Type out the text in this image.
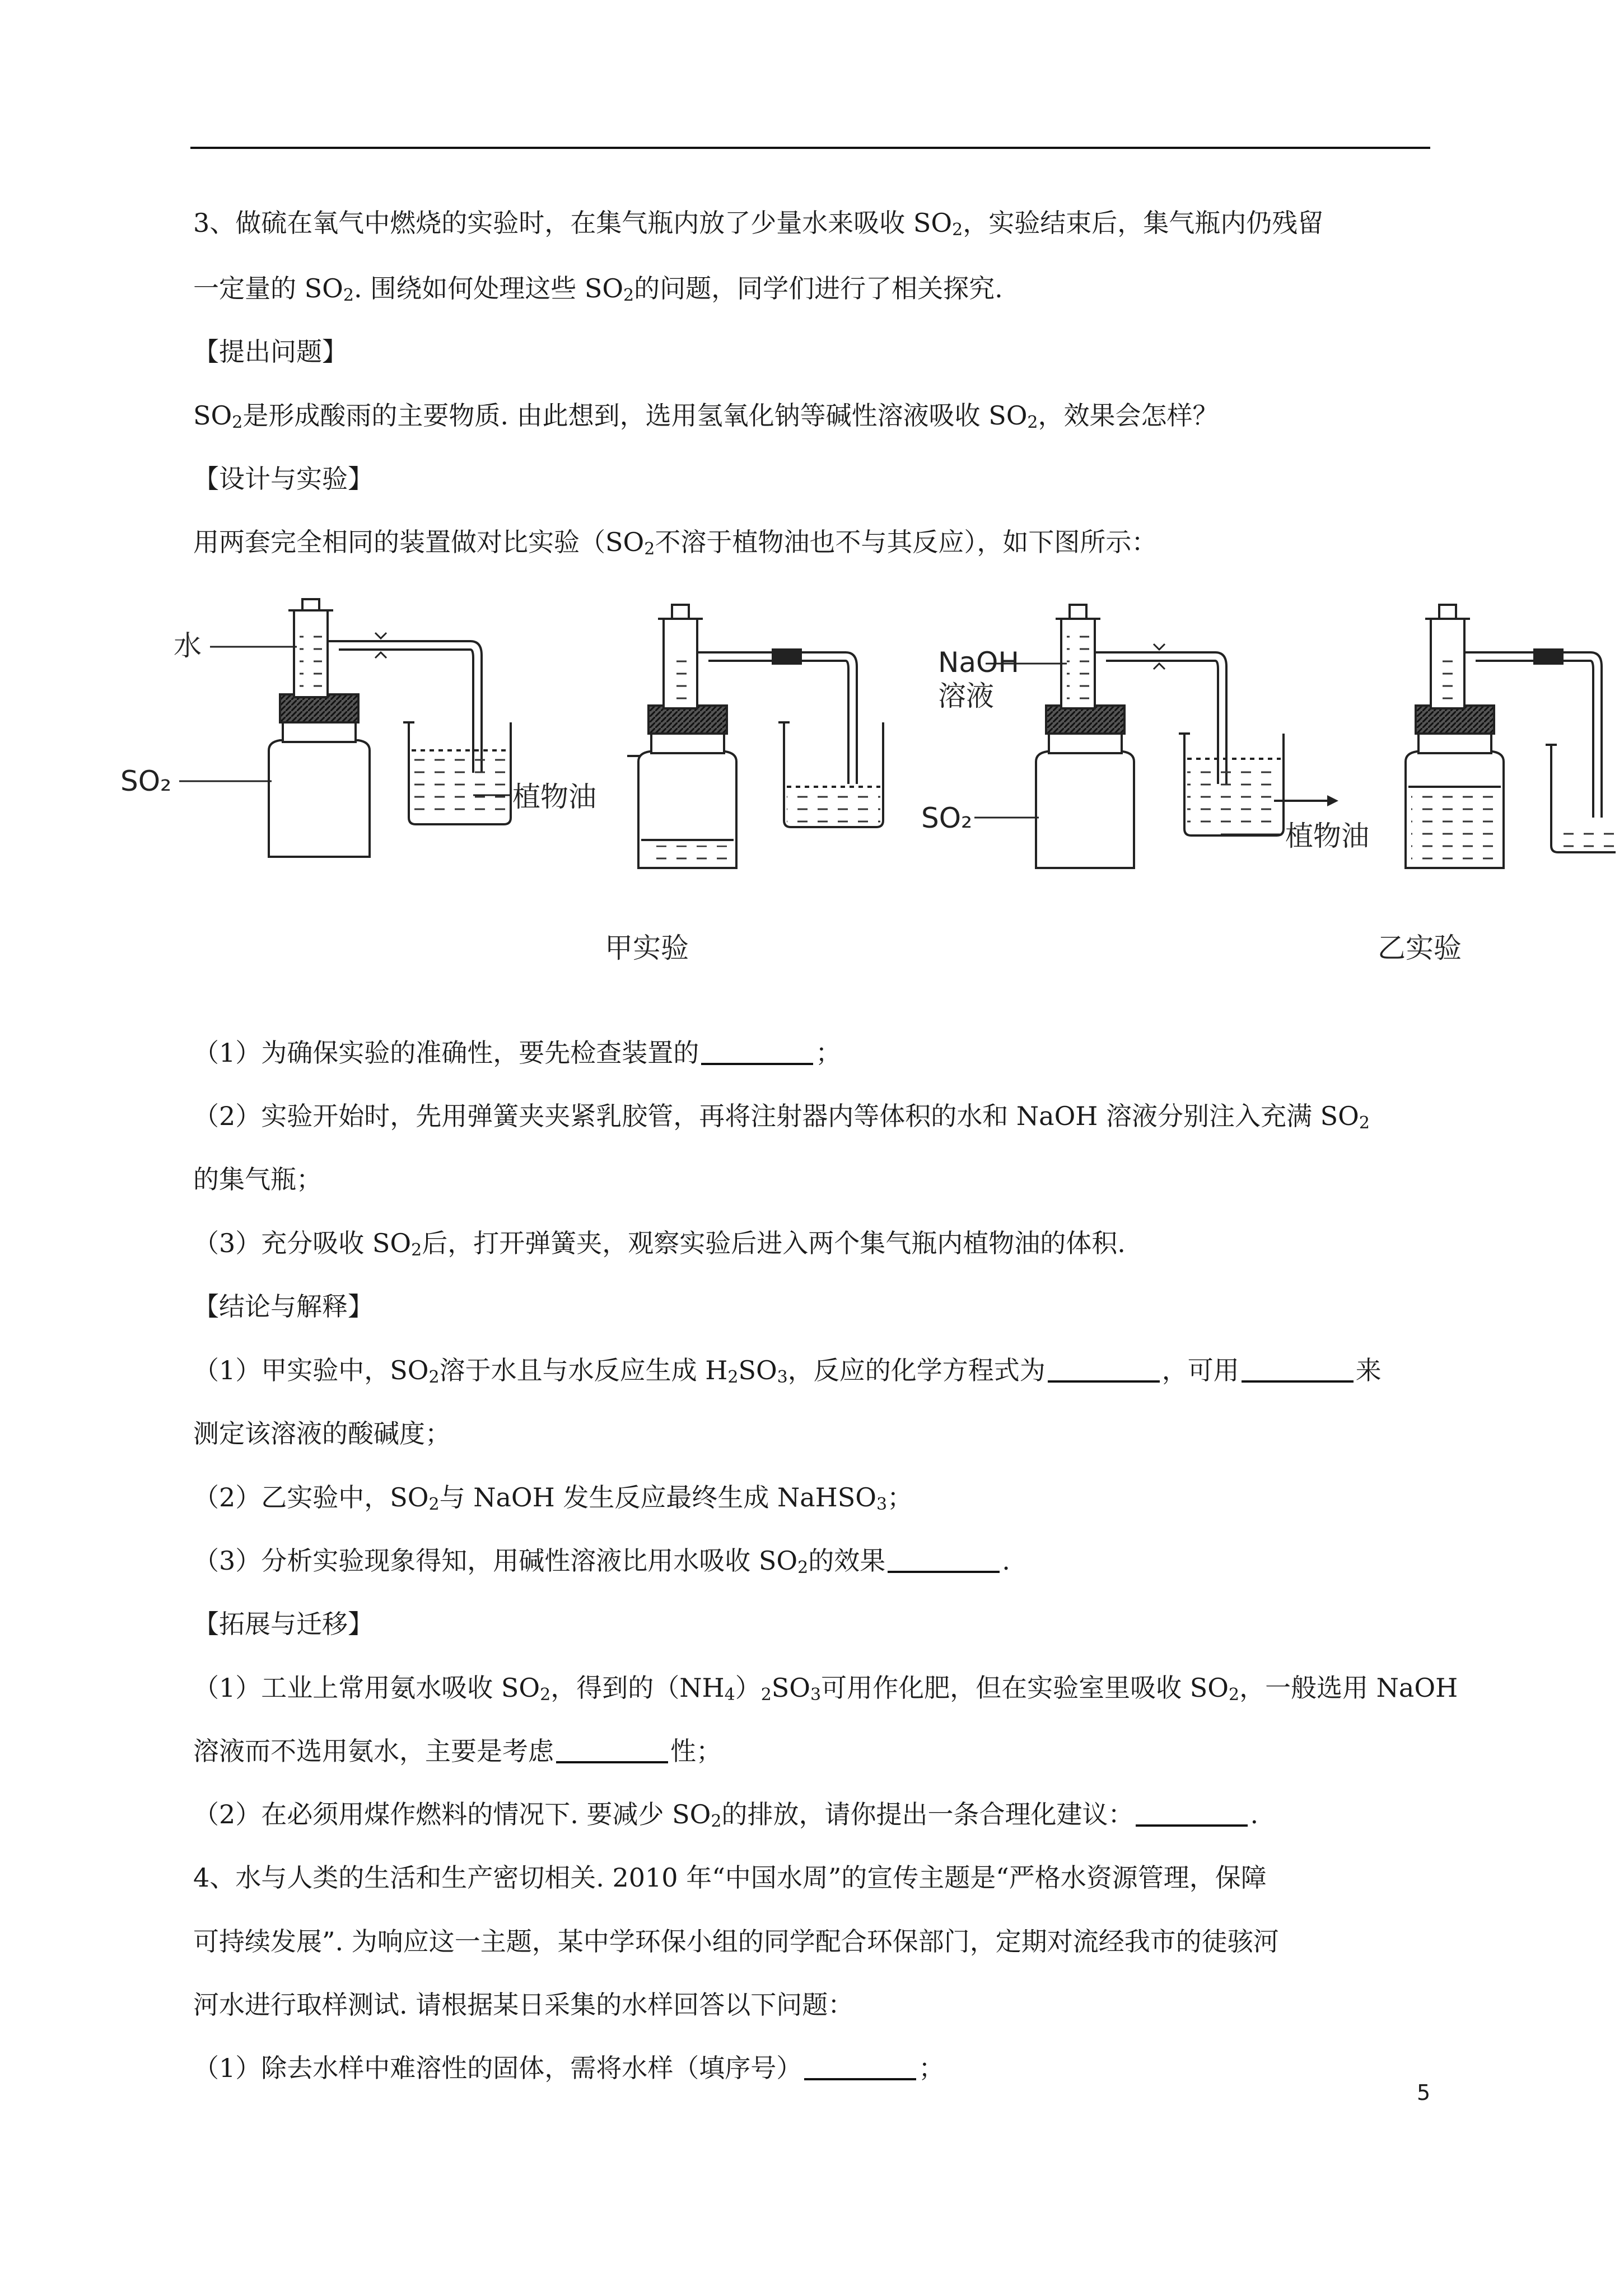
3、做硫在氧气中燃烧的实验时，在集气瓶内放了少量水来吸收 $SO_2$，实验结束后，集气瓶内仍残留
一定量的 $SO_2$. 围绕如何处理这些 $SO_2$的问题，同学们进行了相关探究.
【提出问题】
$SO_2$是形成酸雨的主要物质. 由此想到，选用氢氧化钠等碱性溶液吸收 $SO_2$，效果会怎样？
【设计与实验】
用两套完全相同的装置做对比实验（$SO_2$不溶于植物油也不与其反应），如下图所示：
水
SO₂	植物油
甲实验
NaOH
溶液
SO₂
植物油
乙实验
（1）为确保实验的准确性，要先检查装置的	；
（2）实验开始时，先用弹簧夹夹紧乳胶管，再将注射器内等体积的水和 NaOH 溶液分别注入充满 $SO_2$
的集气瓶；
（3）充分吸收 $SO_2$后，打开弹簧夹，观察实验后进入两个集气瓶内植物油的体积.
【结论与解释】
（1）甲实验中，$SO_2$溶于水且与水反应生成 $H_2SO_3$，反应的化学方程式为	，可用	来
测定该溶液的酸碱度；
（2）乙实验中，$SO_2$与 NaOH 发生反应最终生成 NaHSO$_3$；
（3）分析实验现象得知，用碱性溶液比用水吸收 $SO_2$的效果	.
【拓展与迁移】
（1）工业上常用氨水吸收 $SO_2$，得到的$(NH_4)_2SO_3$可用作化肥，但在实验室里吸收 $SO_2$，一般选用 NaOH
溶液而不选用氨水，主要是考虑	性；
（2）在必须用煤作燃料的情况下. 要减少 $SO_2$的排放，请你提出一条合理化建议：	.
4、水与人类的生活和生产密切相关. 2010 年“中国水周”的宣传主题是“严格水资源管理，保障
可持续发展”. 为响应这一主题，某中学环保小组的同学配合环保部门，定期对流经我市的徒骇河
河水进行取样测试. 请根据某日采集的水样回答以下问题：
（1）除去水样中难溶性的固体，需将水样（填序号）	；
5
